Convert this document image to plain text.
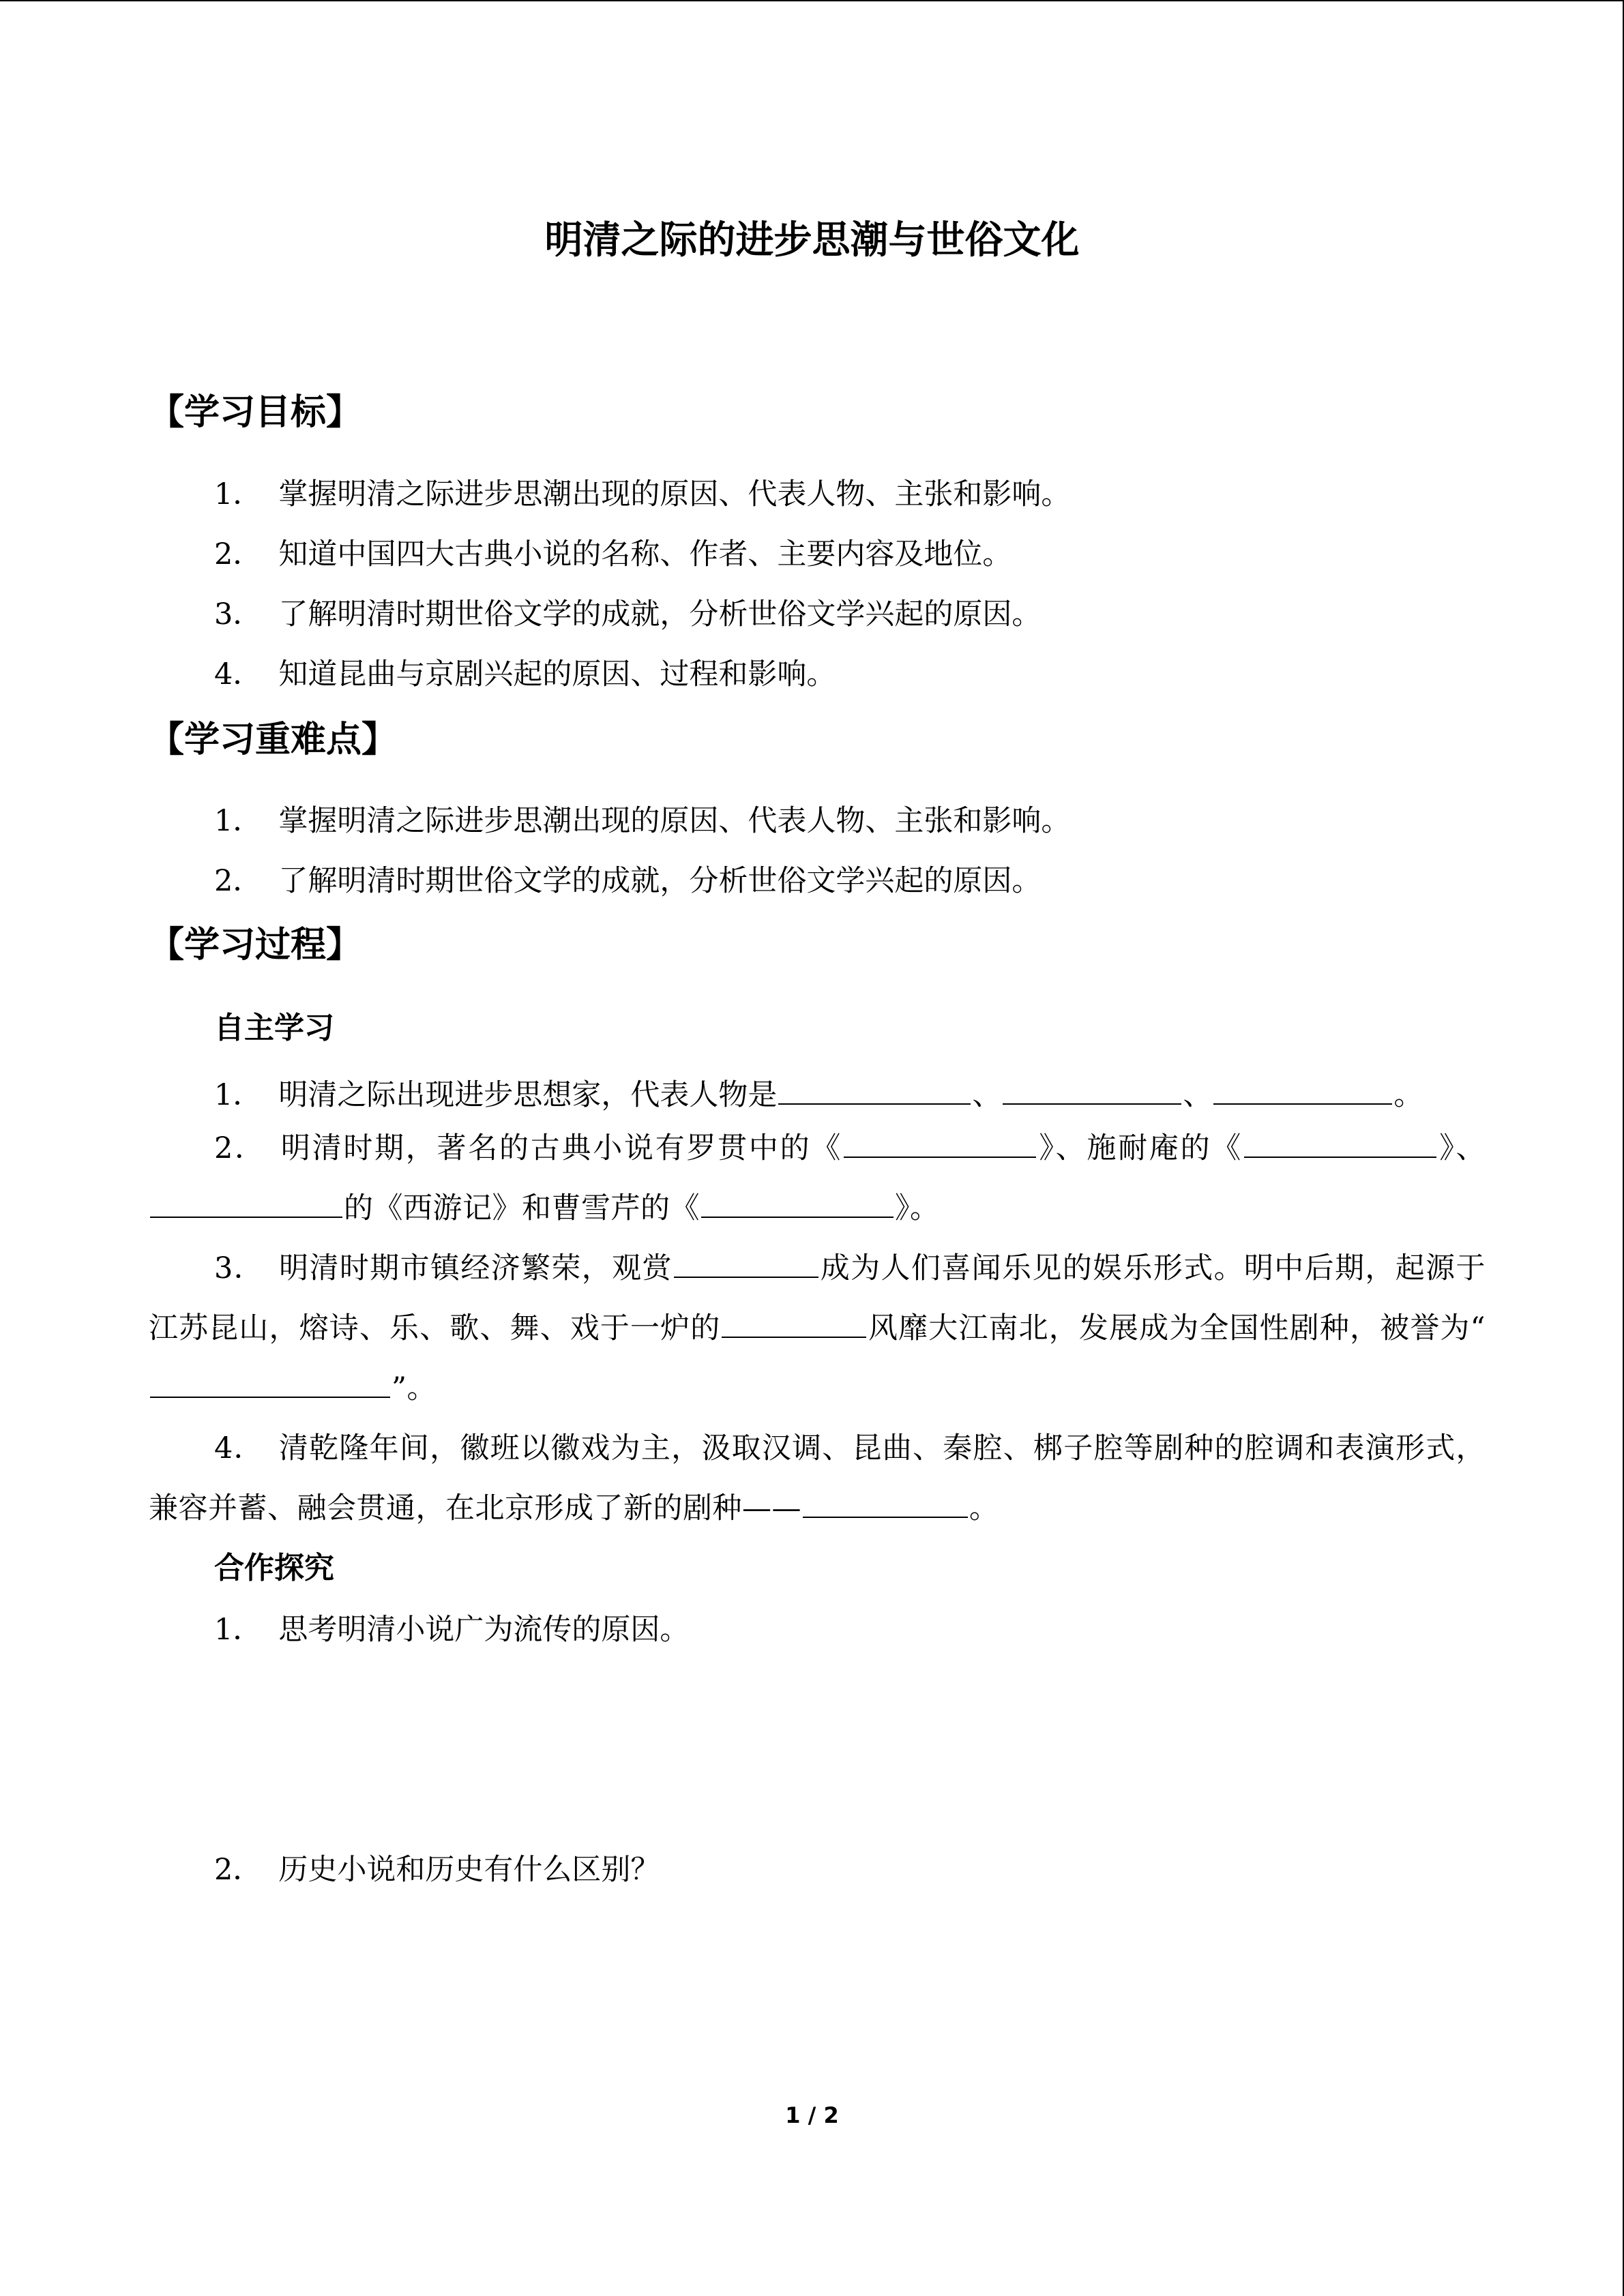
明清之际的进步思潮与世俗文化
【学习目标】
1． 掌握明清之际进步思潮出现的原因、代表人物、主张和影响。
2． 知道中国四大古典小说的名称、作者、主要内容及地位。
3． 了解明清时期世俗文学的成就，分析世俗文学兴起的原因。
4． 知道昆曲与京剧兴起的原因、过程和影响。
【学习重难点】
1． 掌握明清之际进步思潮出现的原因、代表人物、主张和影响。
2． 了解明清时期世俗文学的成就，分析世俗文学兴起的原因。
【学习过程】
自主学习
1． 明清之际出现进步思想家，代表人物是	、	、	。
2． 明清时期，著名的古典小说有罗贯中的《	》、施耐庵的《	》、的《西游记》和曹雪芹的《	》。
3． 明清时期市镇经济繁荣，观赏	成为人们喜闻乐见的娱乐形式。明中后期，起源于江苏昆山，熔诗、乐、歌、舞、戏于一炉的	风靡大江南北，发展成为全国性剧种，被誉为“”。
4． 清乾隆年间，徽班以徽戏为主，汲取汉调、昆曲、秦腔、梆子腔等剧种的腔调和表演形式，兼容并蓄、融会贯通，在北京形成了新的剧种——	。
合作探究
1． 思考明清小说广为流传的原因。
2． 历史小说和历史有什么区别？
1 / 2
